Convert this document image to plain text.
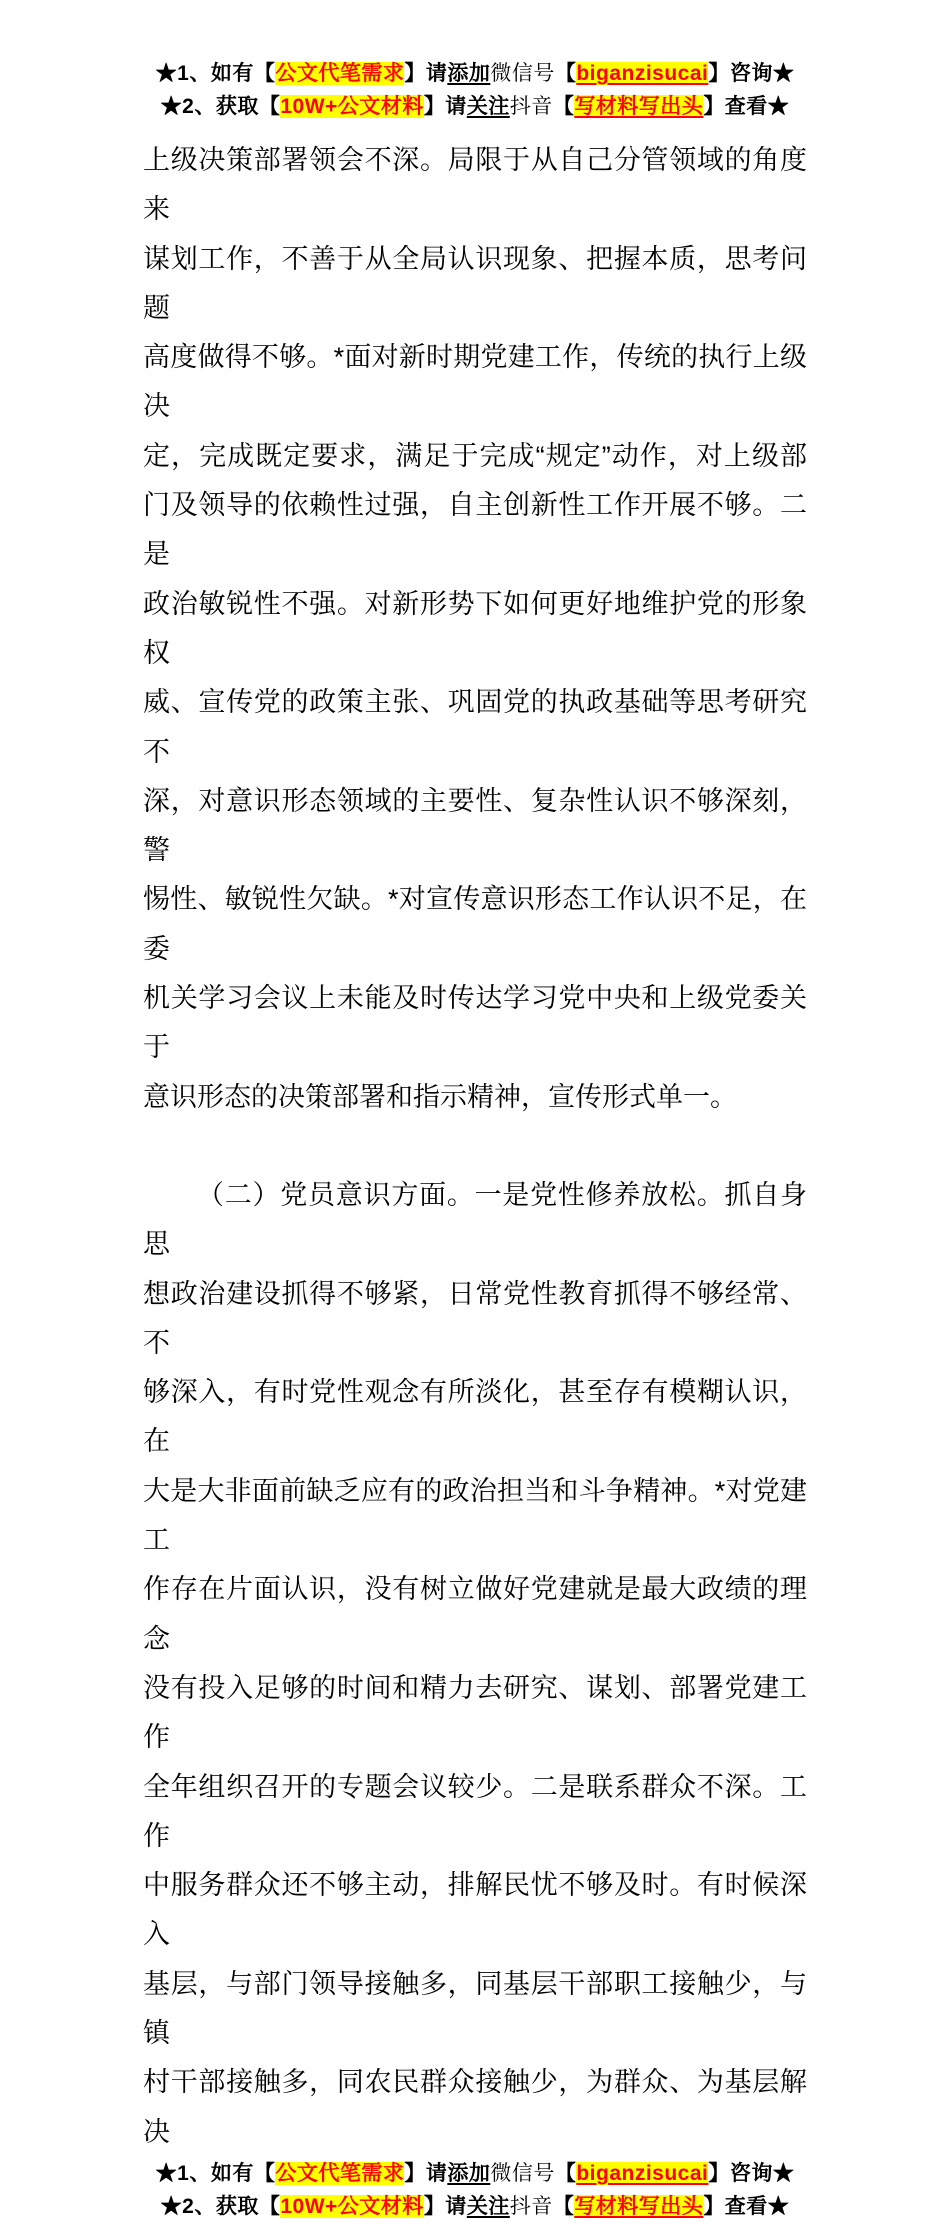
★1、如有【公文代笔需求】请添加微信号【biganzisucai】咨询★
★2、获取【10W+公文材料】请关注抖音【写材料写出头】查看★
上级决策部署领会不深。局限于从自己分管领域的角度来
谋划工作，不善于从全局认识现象、把握本质，思考问题
高度做得不够。*面对新时期党建工作，传统的执行上级决
定，完成既定要求，满足于完成“规定”动作，对上级部
门及领导的依赖性过强，自主创新性工作开展不够。二是
政治敏锐性不强。对新形势下如何更好地维护党的形象权
威、宣传党的政策主张、巩固党的执政基础等思考研究不
深，对意识形态领域的主要性、复杂性认识不够深刻，警
惕性、敏锐性欠缺。*对宣传意识形态工作认识不足，在委
机关学习会议上未能及时传达学习党中央和上级党委关于
意识形态的决策部署和指示精神，宣传形式单一。
（二）党员意识方面。一是党性修养放松。抓自身思
想政治建设抓得不够紧，日常党性教育抓得不够经常、不
够深入，有时党性观念有所淡化，甚至存有模糊认识，在
大是大非面前缺乏应有的政治担当和斗争精神。*对党建工
作存在片面认识，没有树立做好党建就是最大政绩的理念
没有投入足够的时间和精力去研究、谋划、部署党建工作
全年组织召开的专题会议较少。二是联系群众不深。工作
中服务群众还不够主动，排解民忧不够及时。有时候深入
基层，与部门领导接触多，同基层干部职工接触少，与镇
村干部接触多，同农民群众接触少，为群众、为基层解决
★1、如有【公文代笔需求】请添加微信号【biganzisucai】咨询★
★2、获取【10W+公文材料】请关注抖音【写材料写出头】查看★
